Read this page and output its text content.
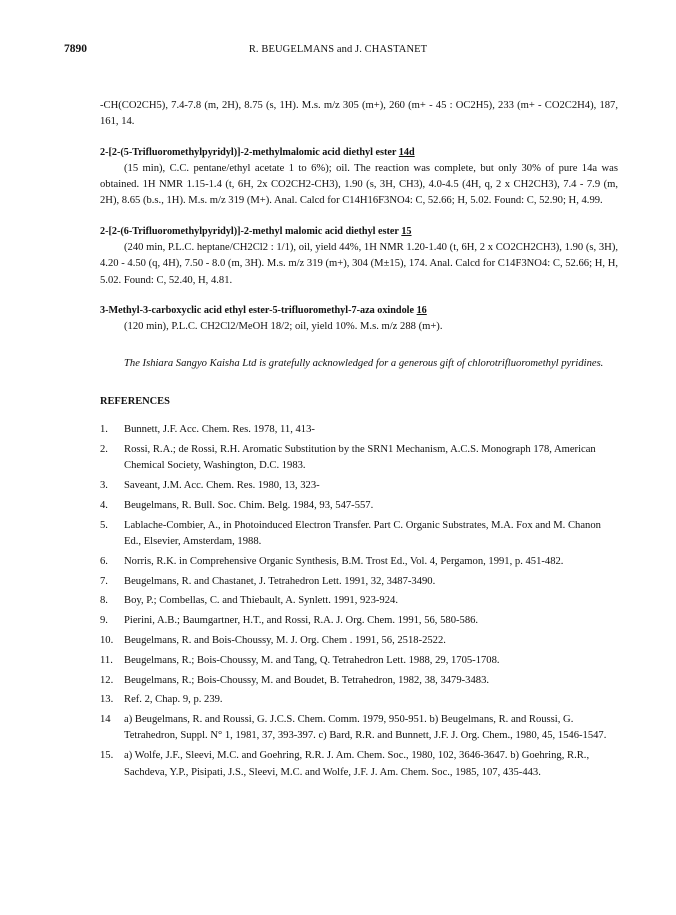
7890	R. BEUGELMANS and J. CHASTANET

-CH(CO2CH5), 7.4-7.8 (m, 2H), 8.75 (s, 1H). M.s. m/z 305 (m+), 260 (m+ - 45 : OC2H5), 233 (m+ - CO2C2H4), 187, 161, 14.

2-[2-(5-Trifluoromethylpyridyl)]-2-methylmalomic acid diethyl ester 14d

(15 min), C.C. pentane/ethyl acetate 1 to 6%); oil. The reaction was complete, but only 30% of pure 14a was obtained. 1H NMR 1.15-1.4 (t, 6H, 2x CO2CH2-CH3), 1.90 (s, 3H, CH3), 4.0-4.5 (4H, q, 2 x CH2CH3), 7.4 - 7.9 (m, 2H), 8.65 (b.s., 1H). M.s. m/z 319 (M+). Anal. Calcd for C14H16F3NO4: C, 52.66; H, 5.02. Found: C, 52.90; H, 4.99.

2-[2-(6-Trifluoromethylpyridyl)]-2-methyl malomic acid diethyl ester 15

(240 min, P.L.C. heptane/CH2Cl2 : 1/1), oil, yield 44%, 1H NMR 1.20-1.40 (t, 6H, 2 x CO2CH2CH3), 1.90 (s, 3H), 4.20 - 4.50 (q, 4H), 7.50 - 8.0 (m, 3H). M.s. m/z 319 (m+), 304 (M±15), 174. Anal. Calcd for C14F3NO4: C, 52.66; H, H, 5.02. Found: C, 52.40, H, 4.81.

3-Methyl-3-carboxyclic acid ethyl ester-5-trifluoromethyl-7-aza oxindole 16

(120 min), P.L.C. CH2Cl2/MeOH 18/2; oil, yield 10%. M.s. m/z 288 (m+).

The Ishiara Sangyo Kaisha Ltd is gratefully acknowledged for a generous gift of chlorotrifluoromethyl pyridines.

REFERENCES

1.	Bunnett, J.F. Acc. Chem. Res. 1978, 11, 413-
2.	Rossi, R.A.; de Rossi, R.H. Aromatic Substitution by the SRN1 Mechanism, A.C.S. Monograph 178, American Chemical Society, Washington, D.C. 1983.
3.	Saveant, J.M. Acc. Chem. Res. 1980, 13, 323-
4.	Beugelmans, R. Bull. Soc. Chim. Belg. 1984, 93, 547-557.
5.	Lablache-Combier, A., in Photoinduced Electron Transfer. Part C. Organic Substrates, M.A. Fox and M. Chanon Ed., Elsevier, Amsterdam, 1988.
6.	Norris, R.K. in Comprehensive Organic Synthesis, B.M. Trost Ed., Vol. 4, Pergamon, 1991, p. 451-482.
7.	Beugelmans, R. and Chastanet, J. Tetrahedron Lett. 1991, 32, 3487-3490.
8.	Boy, P.; Combellas, C. and Thiebault, A. Synlett. 1991, 923-924.
9.	Pierini, A.B.; Baumgartner, H.T., and Rossi, R.A. J. Org. Chem. 1991, 56, 580-586.
10.	Beugelmans, R. and Bois-Choussy, M. J. Org. Chem . 1991, 56, 2518-2522.
11.	Beugelmans, R.; Bois-Choussy, M. and Tang, Q. Tetrahedron Lett. 1988, 29, 1705-1708.
12.	Beugelmans, R.; Bois-Choussy, M. and Boudet, B. Tetrahedron, 1982, 38, 3479-3483.
13.	Ref. 2, Chap. 9, p. 239.
14	a) Beugelmans, R. and Roussi, G. J.C.S. Chem. Comm. 1979, 950-951. b) Beugelmans, R. and Roussi, G. Tetrahedron, Suppl. N° 1, 1981, 37, 393-397. c) Bard, R.R. and Bunnett, J.F. J. Org. Chem., 1980, 45, 1546-1547.
15.	a) Wolfe, J.F., Sleevi, M.C. and Goehring, R.R. J. Am. Chem. Soc., 1980, 102, 3646-3647. b) Goehring, R.R., Sachdeva, Y.P., Pisipati, J.S., Sleevi, M.C. and Wolfe, J.F. J. Am. Chem. Soc., 1985, 107, 435-443.
